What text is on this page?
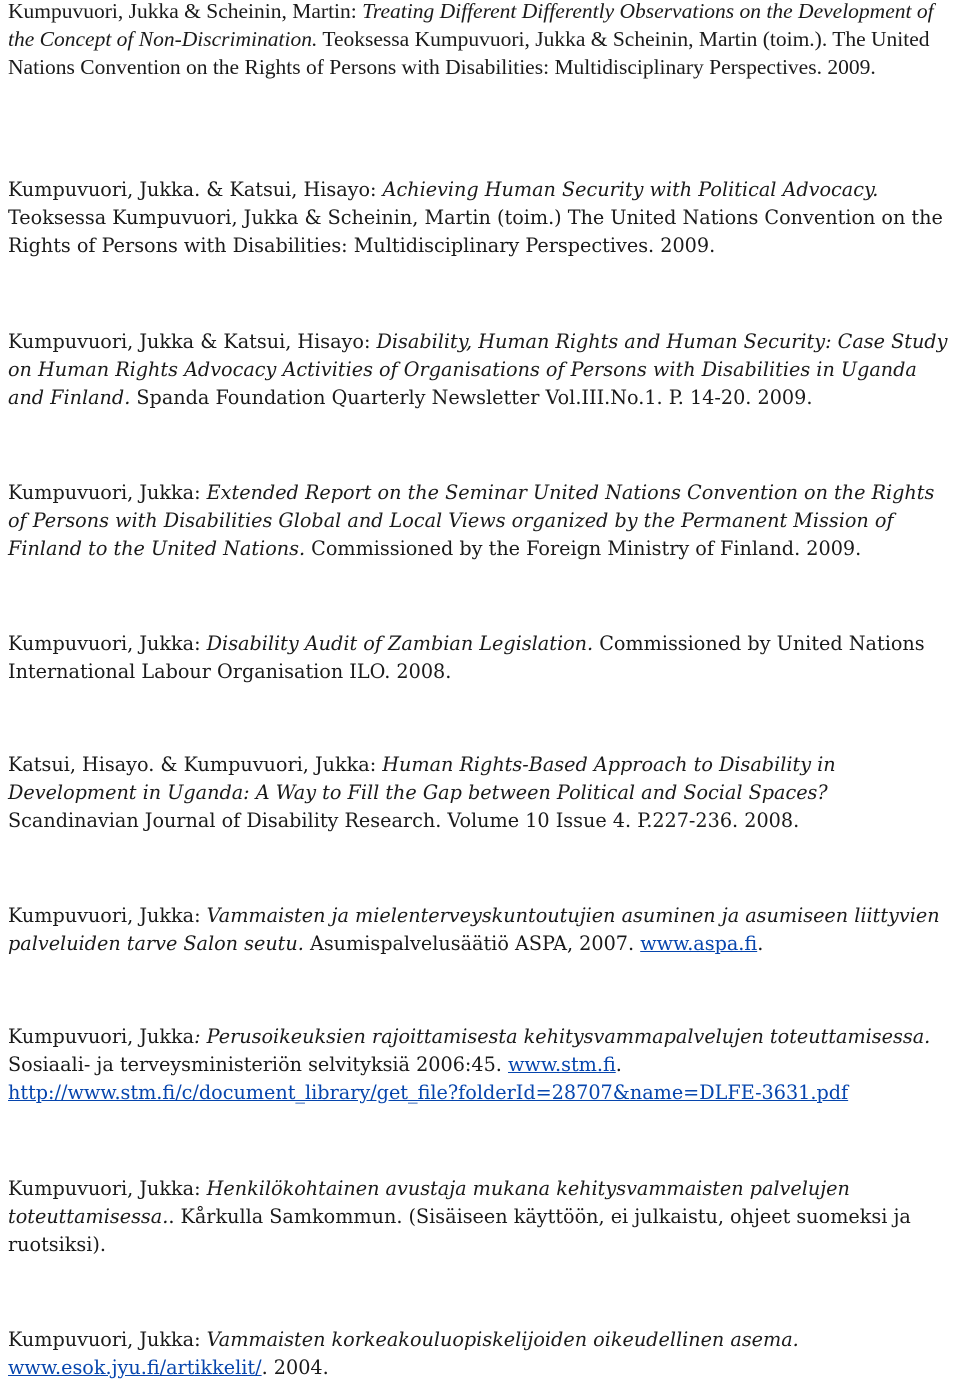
Kumpuvuori, Jukka & Scheinin, Martin: Treating Different Differently Observations on the Development of the Concept of Non-Discrimination. Teoksessa Kumpuvuori, Jukka & Scheinin, Martin (toim.). The United Nations Convention on the Rights of Persons with Disabilities: Multidisciplinary Perspectives. 2009.
Kumpuvuori, Jukka. & Katsui, Hisayo: Achieving Human Security with Political Advocacy. Teoksessa Kumpuvuori, Jukka & Scheinin, Martin (toim.) The United Nations Convention on the Rights of Persons with Disabilities: Multidisciplinary Perspectives. 2009.
Kumpuvuori, Jukka & Katsui, Hisayo: Disability, Human Rights and Human Security: Case Study on Human Rights Advocacy Activities of Organisations of Persons with Disabilities in Uganda and Finland. Spanda Foundation Quarterly Newsletter Vol.III.No.1. P. 14-20. 2009.
Kumpuvuori, Jukka: Extended Report on the Seminar United Nations Convention on the Rights of Persons with Disabilities Global and Local Views organized by the Permanent Mission of Finland to the United Nations. Commissioned by the Foreign Ministry of Finland. 2009.
Kumpuvuori, Jukka: Disability Audit of Zambian Legislation. Commissioned by United Nations International Labour Organisation ILO. 2008.
Katsui, Hisayo. & Kumpuvuori, Jukka: Human Rights-Based Approach to Disability in Development in Uganda: A Way to Fill the Gap between Political and Social Spaces? Scandinavian Journal of Disability Research. Volume 10 Issue 4. P.227-236. 2008.
Kumpuvuori, Jukka: Vammaisten ja mielenterveyskuntoutujien asuminen ja asumiseen liittyvien palveluiden tarve Salon seutu. Asumispalvelusäätiö ASPA, 2007. www.aspa.fi.
Kumpuvuori, Jukka: Perusoikeuksien rajoittamisesta kehitysvammapalvelujen toteuttamisessa. Sosiaali- ja terveysministeriön selvityksiä 2006:45. www.stm.fi. http://www.stm.fi/c/document_library/get_file?folderId=28707&name=DLFE-3631.pdf
Kumpuvuori, Jukka: Henkilökohtainen avustaja mukana kehitysvammaisten palvelujen toteuttamisessa.. Kårkulla Samkommun. (Sisäiseen käyttöön, ei julkaistu, ohjeet suomeksi ja ruotsiksi).
Kumpuvuori, Jukka: Vammaisten korkeakouluopiskelijoiden oikeudellinen asema. www.esok.jyu.fi/artikkelit/. 2004.
